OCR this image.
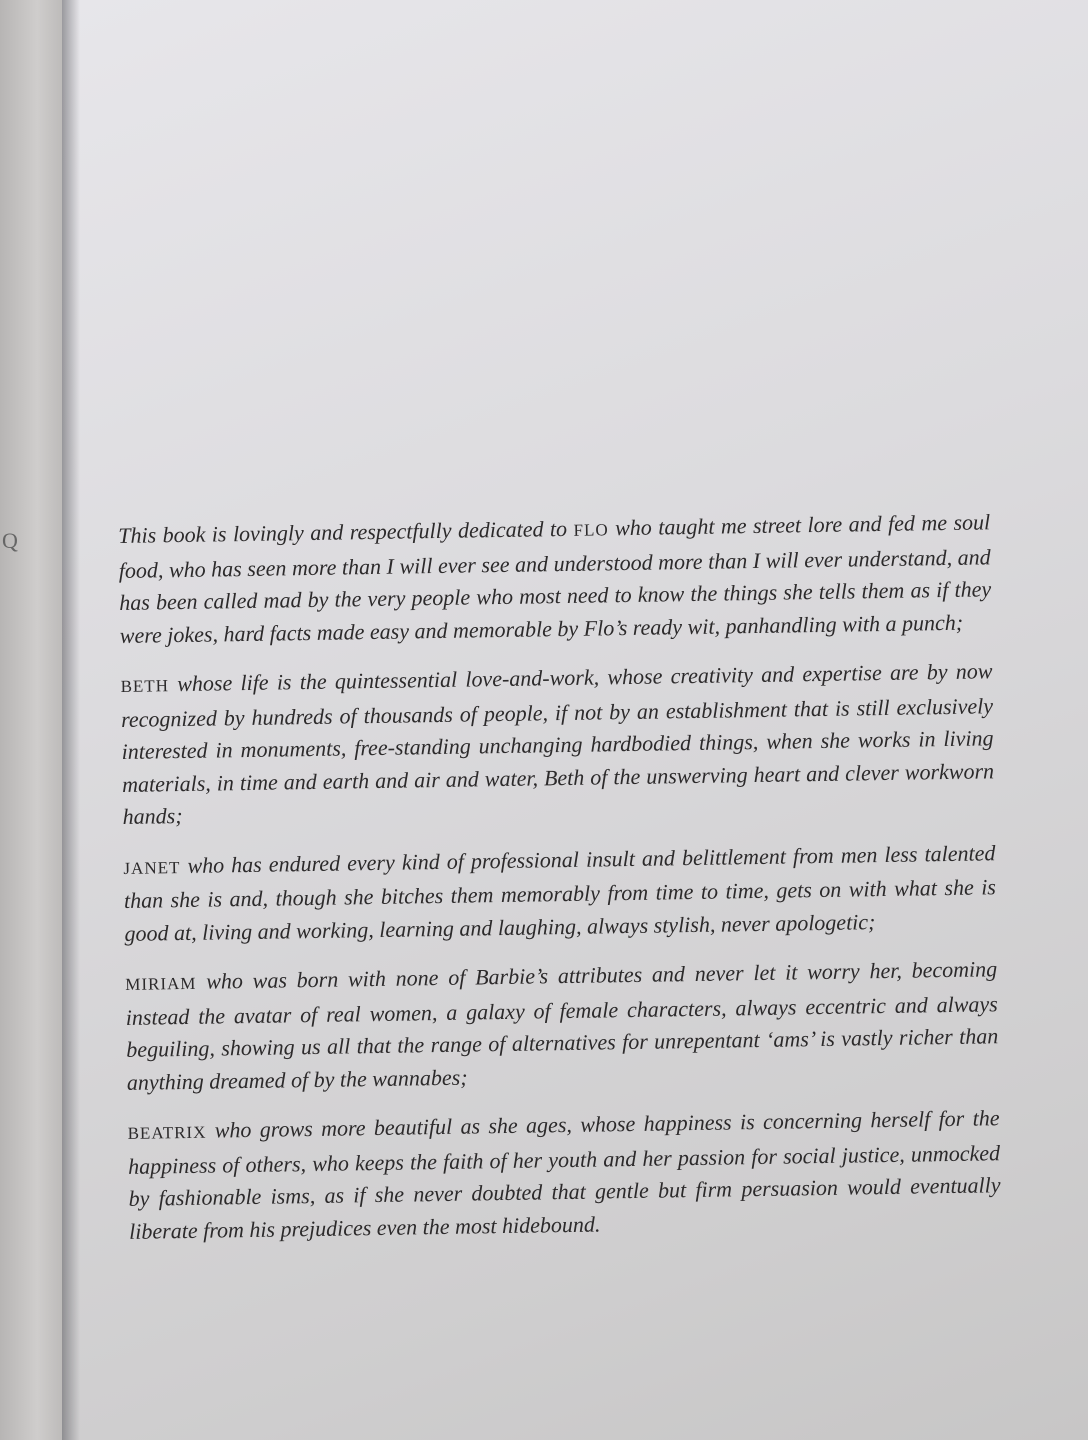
Q	This book is lovingly and respectfully dedicated to FLO who taught me street lore and fed me soul food, who has seen more than I will ever see and understood more than I will ever understand, and has been called mad by the very people who most need to know the things she tells them as if they were jokes, hard facts made easy and memorable by Flo’s ready wit, panhandling with a punch;

BETH whose life is the quintessential love-and-work, whose creativity and expertise are by now recognized by hundreds of thousands of people, if not by an establishment that is still exclusively interested in monuments, free-standing unchanging hardbodied things, when she works in living materials, in time and earth and air and water, Beth of the unswerving heart and clever workworn hands;

JANET who has endured every kind of professional insult and belittlement from men less talented than she is and, though she bitches them memorably from time to time, gets on with what she is good at, living and working, learning and laughing, always stylish, never apologetic;

MIRIAM who was born with none of Barbie’s attributes and never let it worry her, becoming instead the avatar of real women, a galaxy of female characters, always eccentric and always beguiling, showing us all that the range of alternatives for unrepentant ‘ams’ is vastly richer than anything dreamed of by the wannabes;

BEATRIX who grows more beautiful as she ages, whose happiness is concerning herself for the happiness of others, who keeps the faith of her youth and her passion for social justice, unmocked by fashionable isms, as if she never doubted that gentle but firm persuasion would eventually liberate from his prejudices even the most hidebound.
